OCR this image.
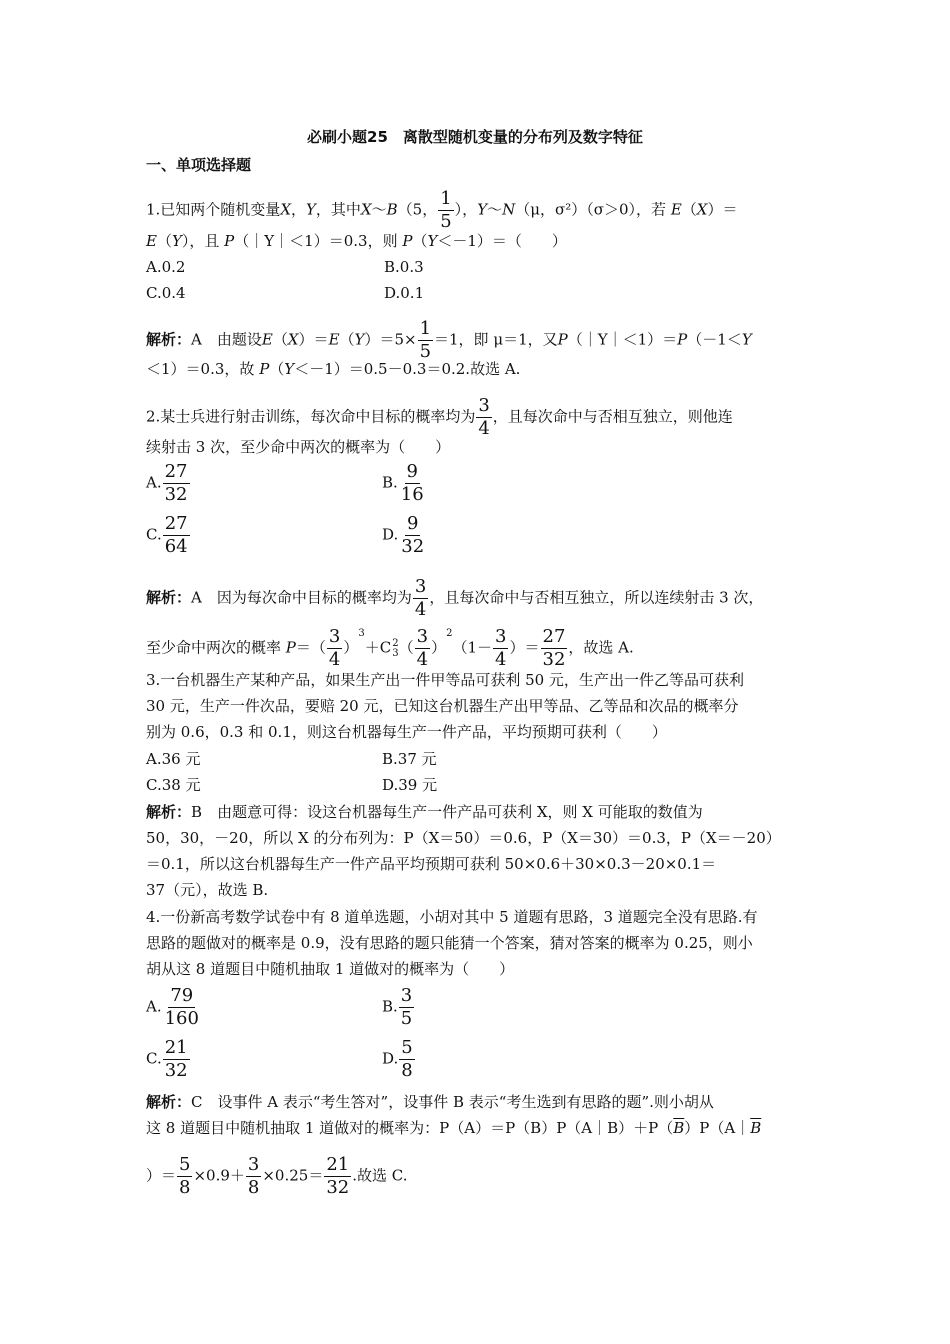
必刷小题25　离散型随机变量的分布列及数字特征
一、单项选择题
1.已知两个随机变量X，Y，其中X～B（5， $\frac{1}{5}$ ），Y～N（μ，σ²）（σ＞0），若 E（X）＝
E（Y），且 P（｜Y｜＜1）＝0.3，则 P（Y＜－1）＝（　　）
A.0.2	B.0.3
C.0.4	D.0.1
解析：A　 由题设$E(X)=E(Y)=5\times \frac{1}{5} =1$，即 μ＝1，又P（｜Y｜＜1）＝P（－1＜Y
＜1）＝0.3，故 P（Y＜－1）＝0.5－0.3＝0.2.故选 A.
2.某士兵进行射击训练，每次命中目标的概率均为 $\frac{3}{4}$ ，且每次命中与否相互独立，则他连
续射击 3 次，至少命中两次的概率为（　　）
A. $\frac{27}{32}$	B. $\frac{9}{16}$
C. $\frac{27}{64}$	D. $\frac{9}{32}$
解析：A　 因为每次命中目标的概率均为 $\frac{3}{4}$ ，且每次命中与否相互独立，所以连续射击 3 次，
至少命中两次的概率 $P=( \frac{3}{4} )^3+C$ 2
3 （ $\frac{3}{4} )^2(1- \frac{3}{4}$ ）＝ $\frac{27}{32}$ ，故选 A.
3.一台机器生产某种产品，如果生产出一件甲等品可获利 50 元，生产出一件乙等品可获利
30 元，生产一件次品，要赔 20 元，已知这台机器生产出甲等品、乙等品和次品的概率分
别为 0.6，0.3 和 0.1，则这台机器每生产一件产品，平均预期可获利（　　）
A.36 元	B.37 元
C.38 元	D.39 元
解析：B　 由题意可得：设这台机器每生产一件产品可获利 X，则 X 可能取的数值为
50，30，－20，所以 X 的分布列为：P（X＝50）＝0.6，P（X＝30）＝0.3，P（X＝－20）
＝0.1，所以这台机器每生产一件产品平均预期可获利 50×0.6＋30×0.3－20×0.1＝
37（元），故选 B.
4.一份新高考数学试卷中有 8 道单选题，小胡对其中 5 道题有思路，3 道题完全没有思路.有
思路的题做对的概率是 0.9，没有思路的题只能猜一个答案，猜对答案的概率为 0.25，则小
胡从这 8 道题目中随机抽取 1 道做对的概率为（　　）
A. $\frac{79}{160}$	B. $\frac{3}{5}$
C. $\frac{21}{32}$	D. $\frac{5}{8}$
解析：C　 设事件 A 表示“考生答对”，设事件 B 表示“考生选到有思路的题”.则小胡从
这 8 道题目中随机抽取 1 道做对的概率为：$P(A)=P(B)P(A|B)+P(\overline{B})P(A|\overline{B}$
）＝ $\frac{5}{8} \times 0.9+ \frac{3}{8} \times 0.25= \frac{21}{32}$ .故选 C.
